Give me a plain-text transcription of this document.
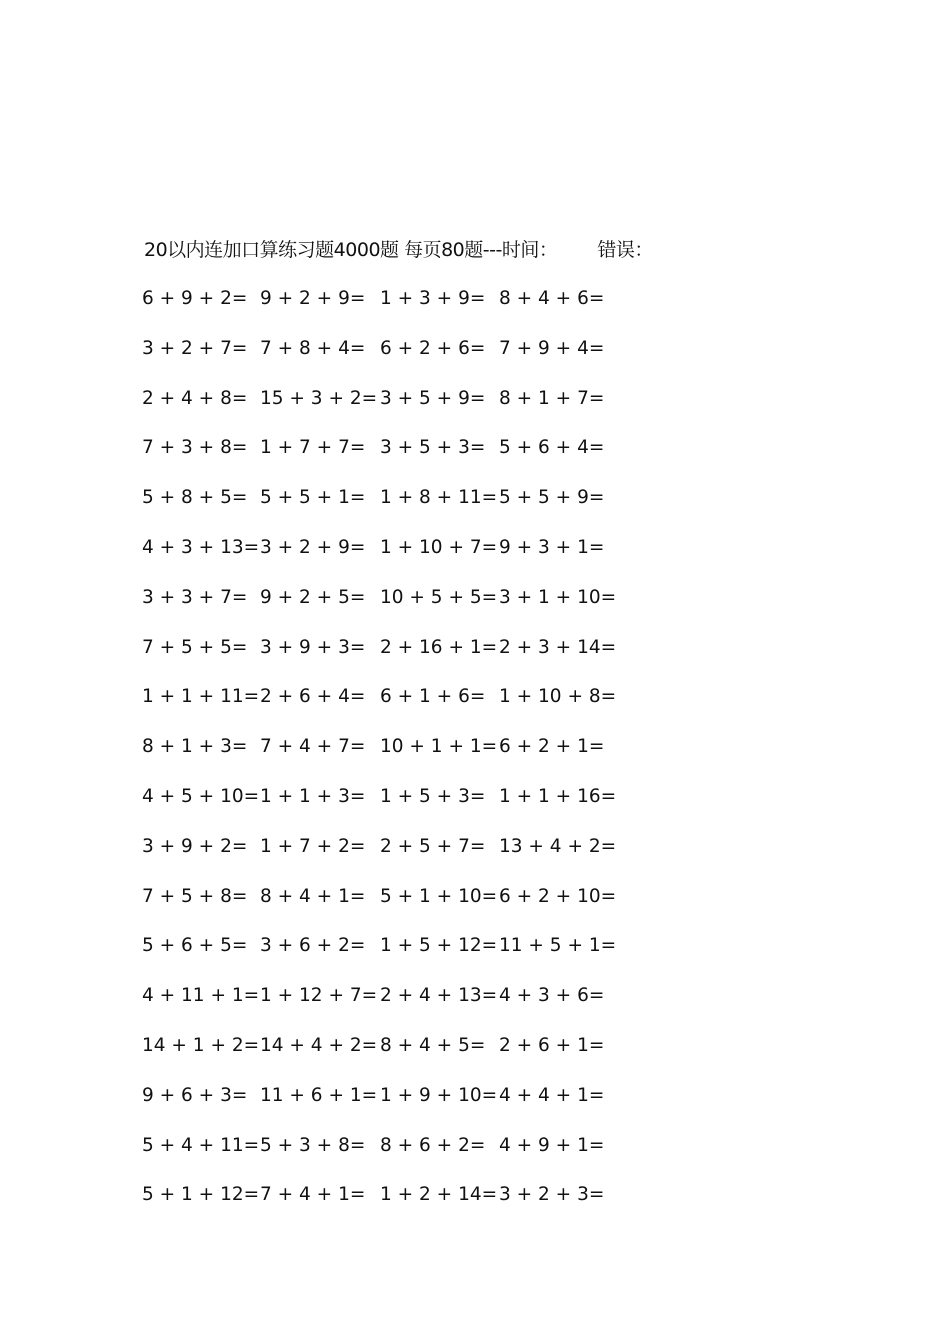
20以内连加口算练习题4000题 每页80题---时间： 错误：
6 + 9 + 2= 9 + 2 + 9= 1 + 3 + 9= 8 + 4 + 6=
3 + 2 + 7= 7 + 8 + 4= 6 + 2 + 6= 7 + 9 + 4=
2 + 4 + 8= 15 + 3 + 2= 3 + 5 + 9= 8 + 1 + 7=
7 + 3 + 8= 1 + 7 + 7= 3 + 5 + 3= 5 + 6 + 4=
5 + 8 + 5= 5 + 5 + 1= 1 + 8 + 11= 5 + 5 + 9=
4 + 3 + 13= 3 + 2 + 9= 1 + 10 + 7= 9 + 3 + 1=
3 + 3 + 7= 9 + 2 + 5= 10 + 5 + 5= 3 + 1 + 10=
7 + 5 + 5= 3 + 9 + 3= 2 + 16 + 1= 2 + 3 + 14=
1 + 1 + 11= 2 + 6 + 4= 6 + 1 + 6= 1 + 10 + 8=
8 + 1 + 3= 7 + 4 + 7= 10 + 1 + 1= 6 + 2 + 1=
4 + 5 + 10= 1 + 1 + 3= 1 + 5 + 3= 1 + 1 + 16=
3 + 9 + 2= 1 + 7 + 2= 2 + 5 + 7= 13 + 4 + 2=
7 + 5 + 8= 8 + 4 + 1= 5 + 1 + 10= 6 + 2 + 10=
5 + 6 + 5= 3 + 6 + 2= 1 + 5 + 12= 11 + 5 + 1=
4 + 11 + 1= 1 + 12 + 7= 2 + 4 + 13= 4 + 3 + 6=
14 + 1 + 2= 14 + 4 + 2= 8 + 4 + 5= 2 + 6 + 1=
9 + 6 + 3= 11 + 6 + 1= 1 + 9 + 10= 4 + 4 + 1=
5 + 4 + 11= 5 + 3 + 8= 8 + 6 + 2= 4 + 9 + 1=
5 + 1 + 12= 7 + 4 + 1= 1 + 2 + 14= 3 + 2 + 3=
